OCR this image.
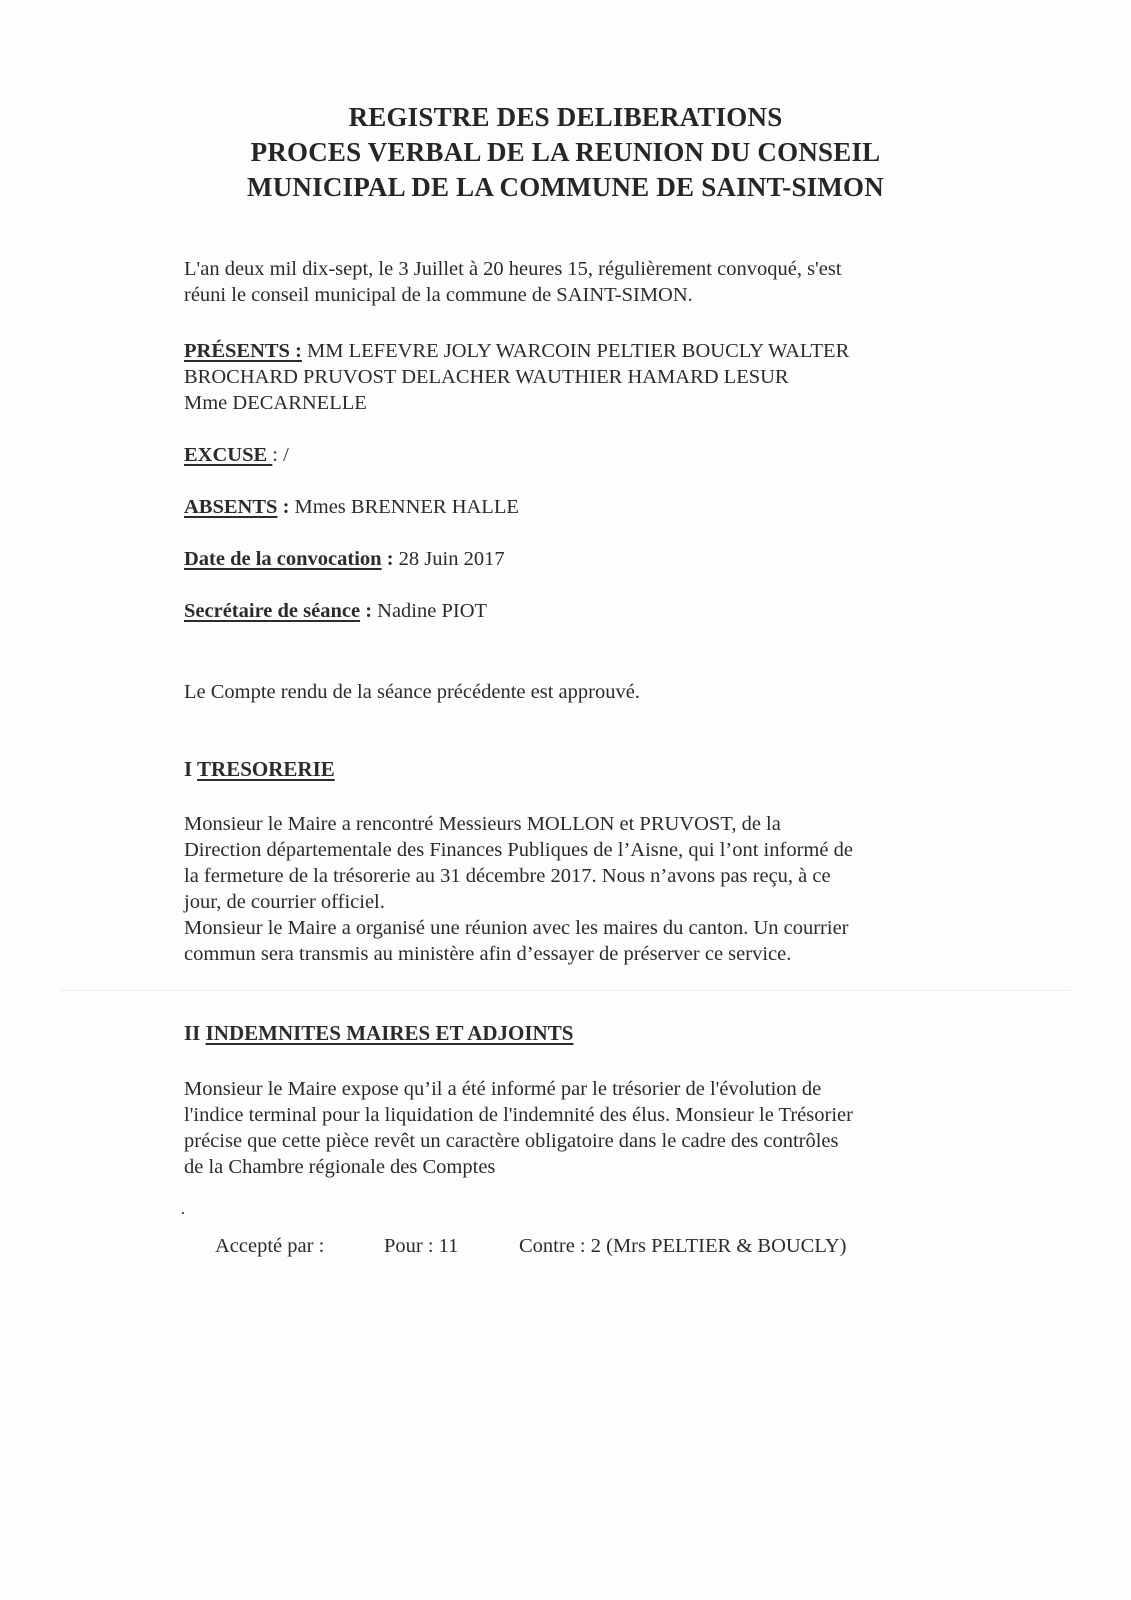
REGISTRE DES DELIBERATIONS
PROCES VERBAL DE LA REUNION DU CONSEIL
MUNICIPAL DE LA COMMUNE DE SAINT-SIMON
L'an deux mil dix-sept, le 3 Juillet à 20 heures 15, régulièrement convoqué, s'est
réuni le conseil municipal de la commune de SAINT-SIMON.
PRÉSENTS : MM LEFEVRE JOLY WARCOIN PELTIER BOUCLY WALTER
BROCHARD PRUVOST DELACHER WAUTHIER HAMARD LESUR
Mme DECARNELLE
EXCUSE : /
ABSENTS : Mmes BRENNER HALLE
Date de la convocation : 28 Juin 2017
Secrétaire de séance : Nadine PIOT
Le Compte rendu de la séance précédente est approuvé.
I TRESORERIE
Monsieur le Maire a rencontré Messieurs MOLLON et PRUVOST, de la
Direction départementale des Finances Publiques de l’Aisne, qui l’ont informé de
la fermeture de la trésorerie au 31 décembre 2017. Nous n’avons pas reçu, à ce
jour, de courrier officiel.
Monsieur le Maire a organisé une réunion avec les maires du canton. Un courrier
commun sera transmis au ministère afin d’essayer de préserver ce service.
II INDEMNITES MAIRES ET ADJOINTS
Monsieur le Maire expose qu’il a été informé par le trésorier de l'évolution de
l'indice terminal pour la liquidation de l'indemnité des élus. Monsieur le Trésorier
précise que cette pièce revêt un caractère obligatoire dans le cadre des contrôles
de la Chambre régionale des Comptes
Accepté par :	Pour : 11	Contre : 2 (Mrs PELTIER & BOUCLY)
